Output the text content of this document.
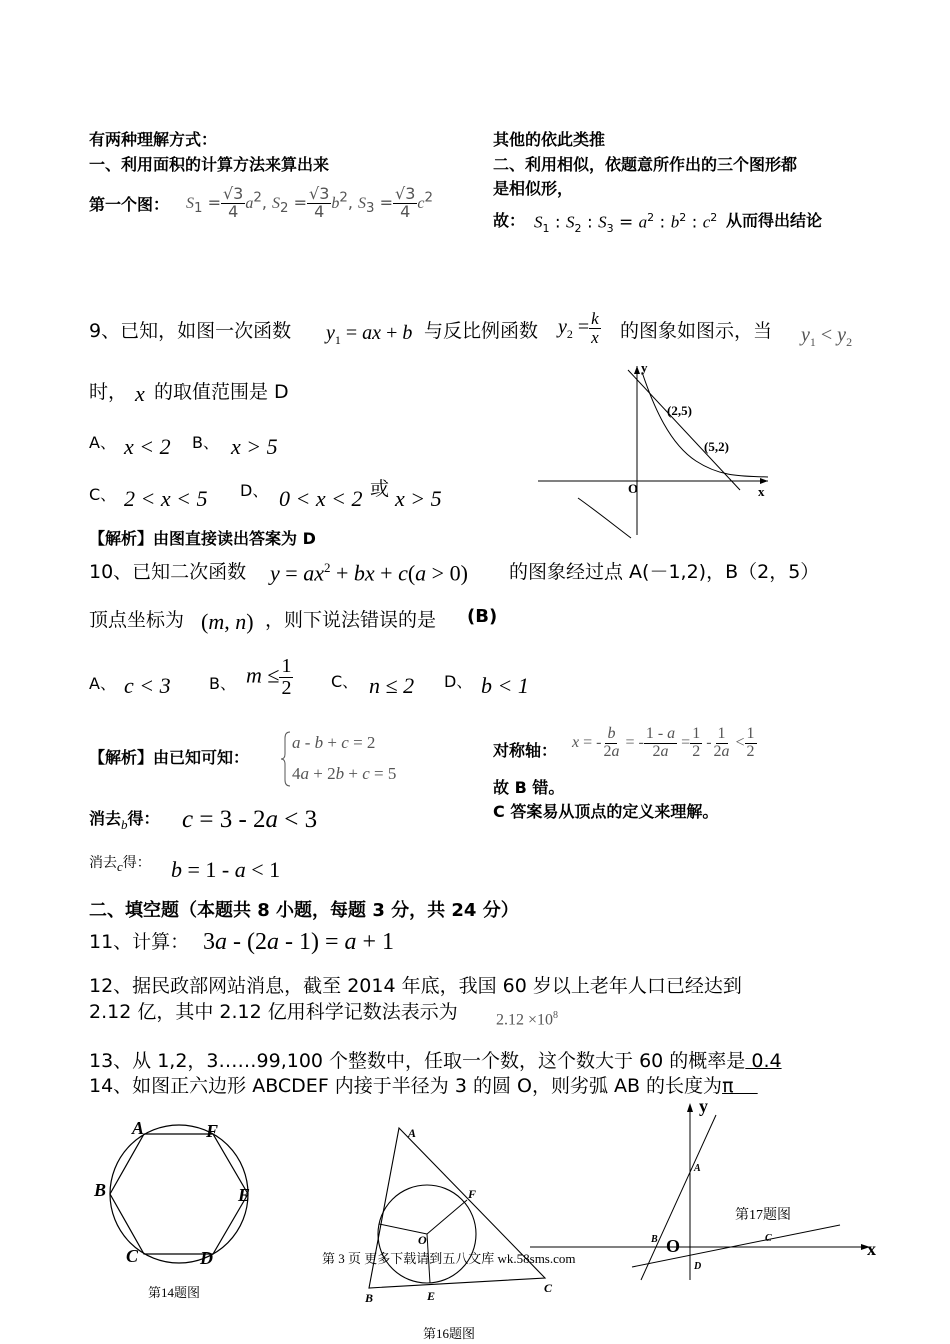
有两种理解方式：
一、利用面积的计算方法来算出来
第一个图： $S_1 = \frac{√3}{4} a^2$, $S_2 = \frac{√3}{4} b^2$, $S_3 = \frac{√3}{4} c^2$
其他的依此类推
二、利用相似，依题意所作出的三个图形都
是相似形，
故： $S_1$ : $S_2$ : $S_3 = a^2$ : $b^2$ : $c^2$ 从而得出结论
9、已知，如图一次函数 $y_1$ = ax + b 与反比例函数 $y_2 = \frac{k}{x}$ 的图象如图示，当 $y_1 < y_2$
时， x 的取值范围是 D
A、 x < 2 B、 x > 5
C、 2 < x < 5 D、 0 < x < 2 或 x > 5
y
x
O
(2,5)
(5,2)
【解析】由图直接读出答案为 D
10、已知二次函数 $y = ax^2$ + bx + c(a > 0) 的图象经过点 A(－1,2)，B（2，5）
顶点坐标为 (m, n) ，则下说法错误的是 (B)
A、 c < 3 B、 $m \le \frac{1}{2}$ C、 n ≤ 2 D、 b < 1
【解析】由已知可知：
a - b + c = 2
4a + 2b + c = 5
对称轴： x = - $\frac{b}{2a}$ = - $\frac{1 - a}{2a} = \frac{1}{2} - \frac{1}{2a} < \frac{1}{2}$
故 B 错。
C 答案易从顶点的定义来理解。
消去$_b$得： c = 3 - 2a < 3
消去c得： b = 1 - a < 1
二、填空题（本题共 8 小题，每题 3 分，共 24 分）
11、计算： 3a - (2a - 1) = a + 1
12、据民政部网站消息，截至 2014 年底，我国 60 岁以上老年人口已经达到
2.12 亿，其中 2.12 亿用科学记数法表示为 $2.12 \times 10^8$
13、从 1,2，3……99,100 个整数中，任取一个数，这个数大于 60 的概率是 0.4
14、如图正六边形 ABCDEF 内接于半径为 3 的圆 O，则劣弧 AB 的长度为π
A	F
B	E
C	D
第14题图
A
F
O
B	E
C
第16题图
y
A
B O	C
D
x
第17题图
第 3 页 更多下载请到五八文库 wk.58sms.com
